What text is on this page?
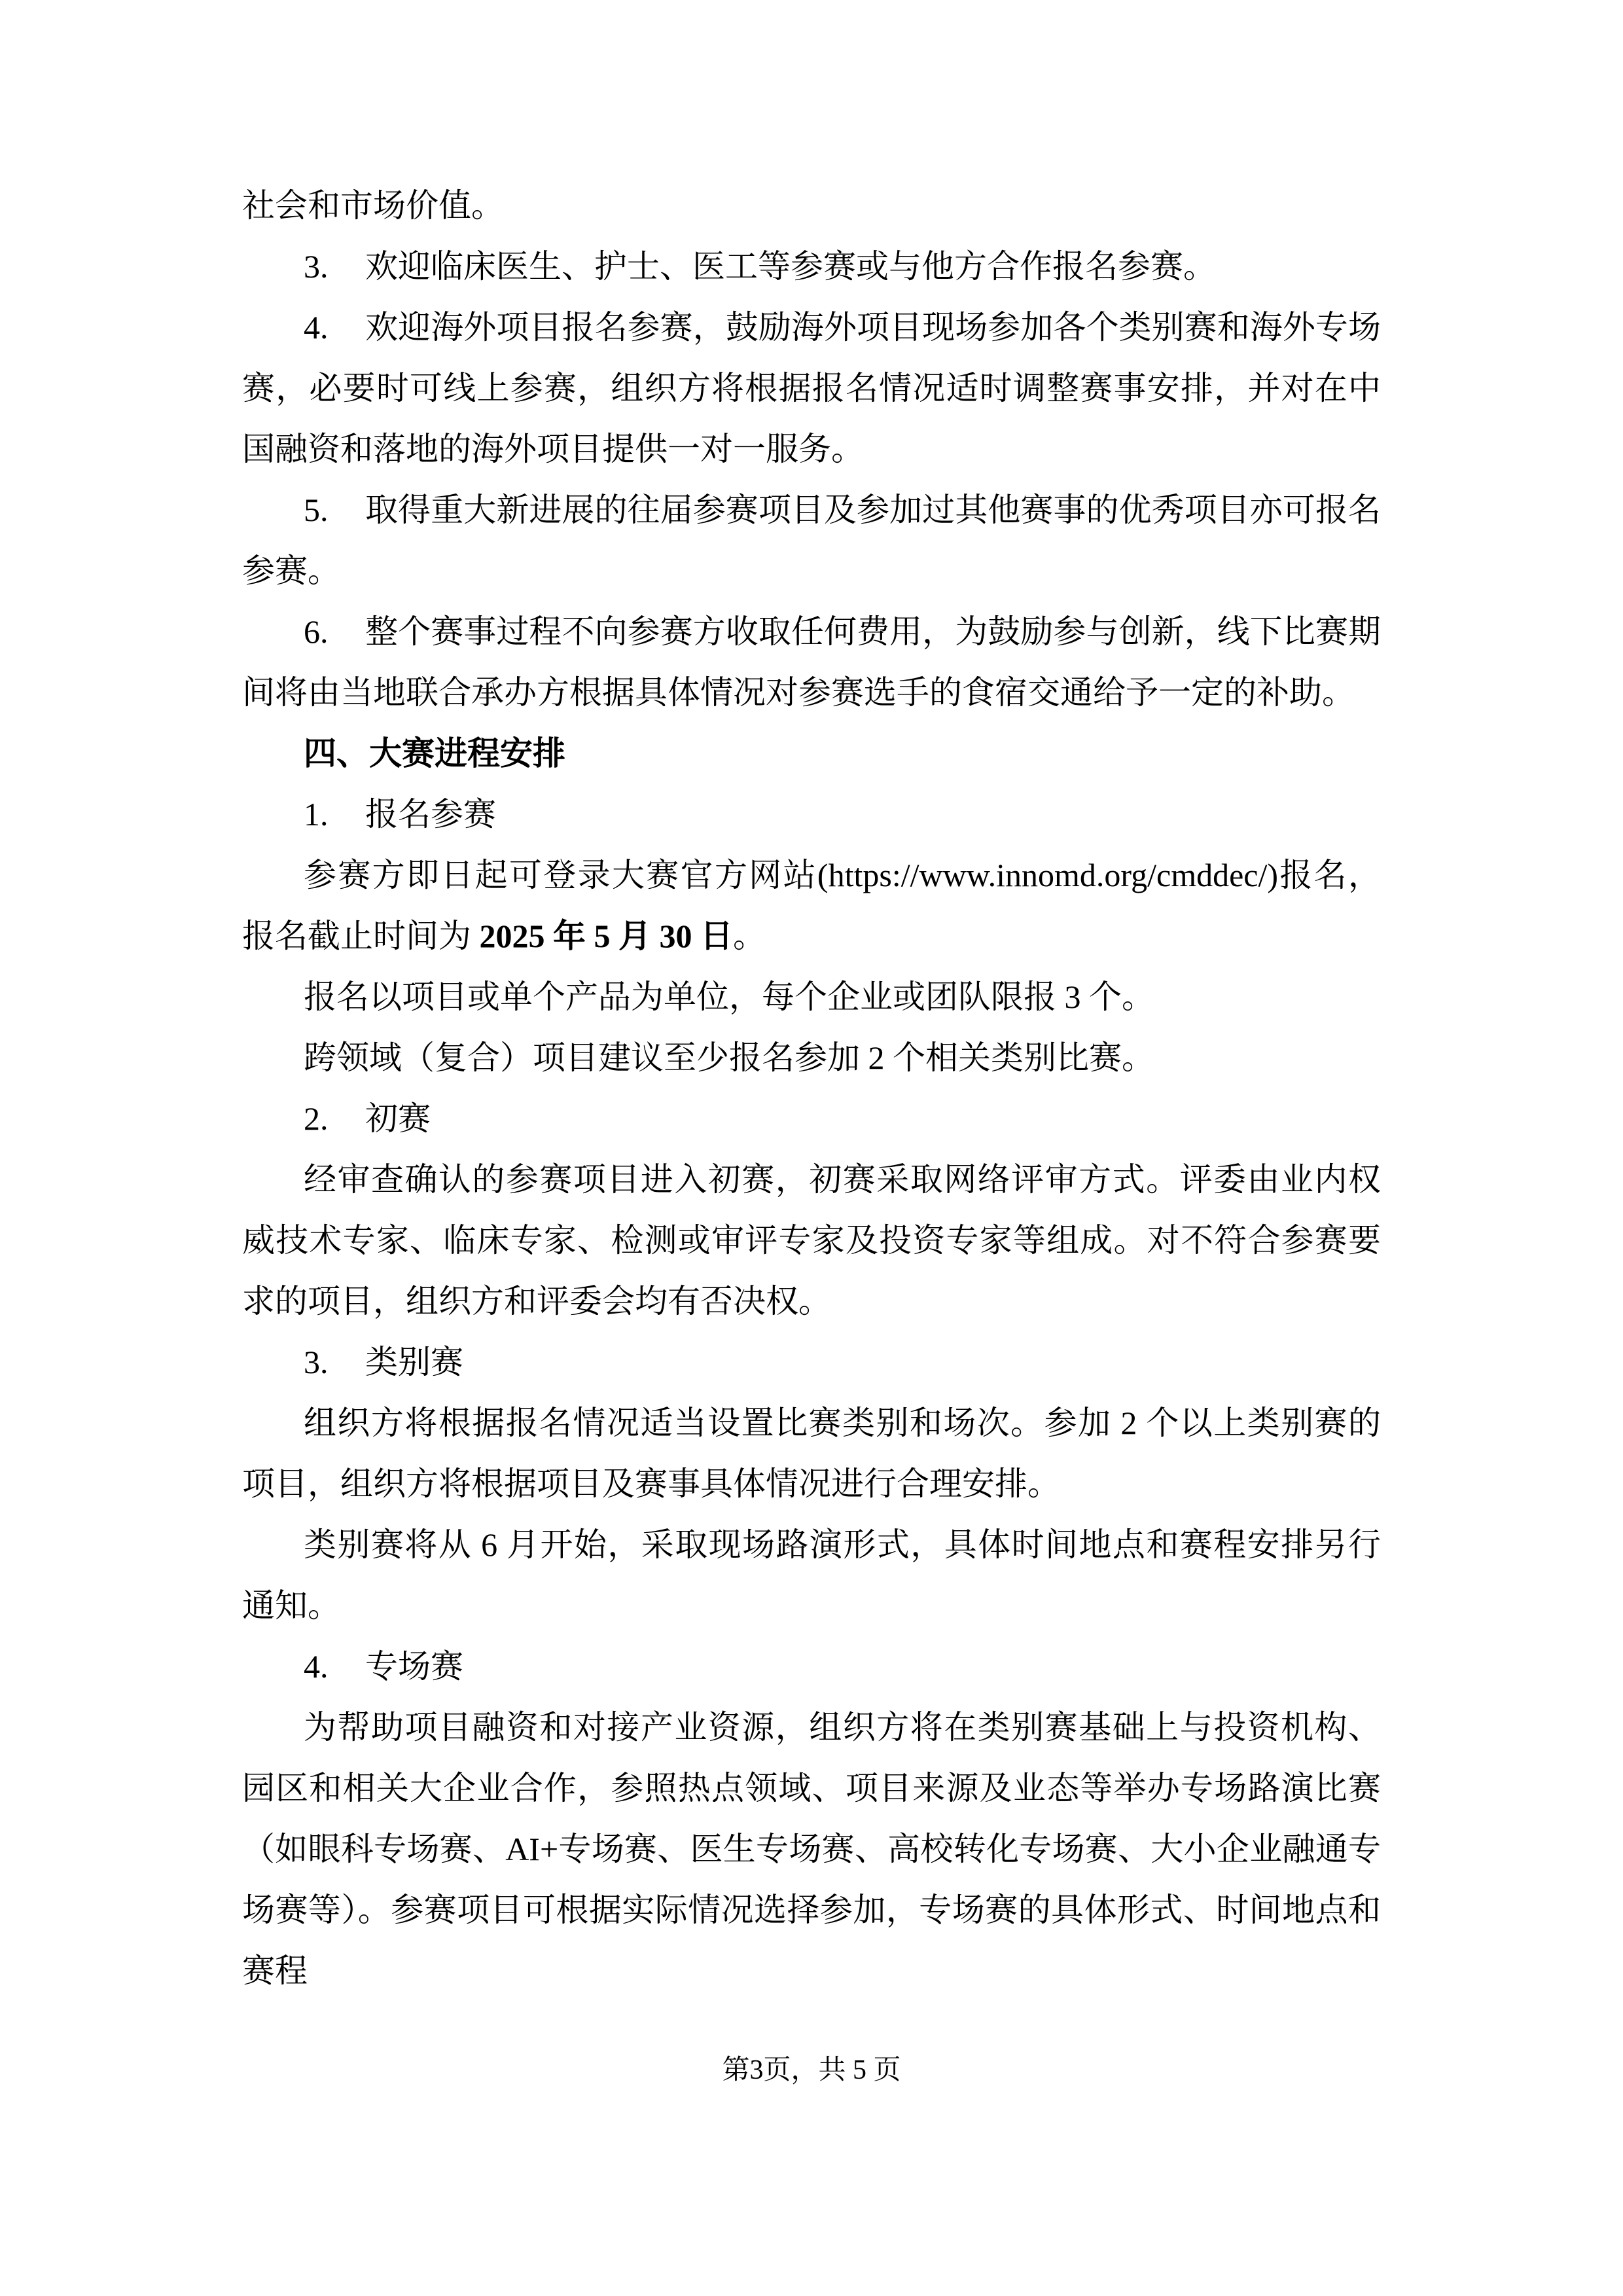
社会和市场价值。

3. 欢迎临床医生、护士、医工等参赛或与他方合作报名参赛。

4. 欢迎海外项目报名参赛，鼓励海外项目现场参加各个类别赛和海外专场赛，必要时可线上参赛，组织方将根据报名情况适时调整赛事安排，并对在中国融资和落地的海外项目提供一对一服务。

5. 取得重大新进展的往届参赛项目及参加过其他赛事的优秀项目亦可报名参赛。

6. 整个赛事过程不向参赛方收取任何费用，为鼓励参与创新，线下比赛期间将由当地联合承办方根据具体情况对参赛选手的食宿交通给予一定的补助。

四、大赛进程安排

1. 报名参赛

参赛方即日起可登录大赛官方网站(https://www.innomd.org/cmddec/)报名，报名截止时间为 2025 年 5 月 30 日。

报名以项目或单个产品为单位，每个企业或团队限报 3 个。

跨领域（复合）项目建议至少报名参加 2 个相关类别比赛。

2. 初赛

经审查确认的参赛项目进入初赛，初赛采取网络评审方式。评委由业内权威技术专家、临床专家、检测或审评专家及投资专家等组成。对不符合参赛要求的项目，组织方和评委会均有否决权。

3. 类别赛

组织方将根据报名情况适当设置比赛类别和场次。参加 2 个以上类别赛的项目，组织方将根据项目及赛事具体情况进行合理安排。

类别赛将从 6 月开始，采取现场路演形式，具体时间地点和赛程安排另行通知。

4. 专场赛

为帮助项目融资和对接产业资源，组织方将在类别赛基础上与投资机构、园区和相关大企业合作，参照热点领域、项目来源及业态等举办专场路演比赛（如眼科专场赛、AI+专场赛、医生专场赛、高校转化专场赛、大小企业融通专场赛等）。参赛项目可根据实际情况选择参加，专场赛的具体形式、时间地点和赛程

第3页，共 5 页
